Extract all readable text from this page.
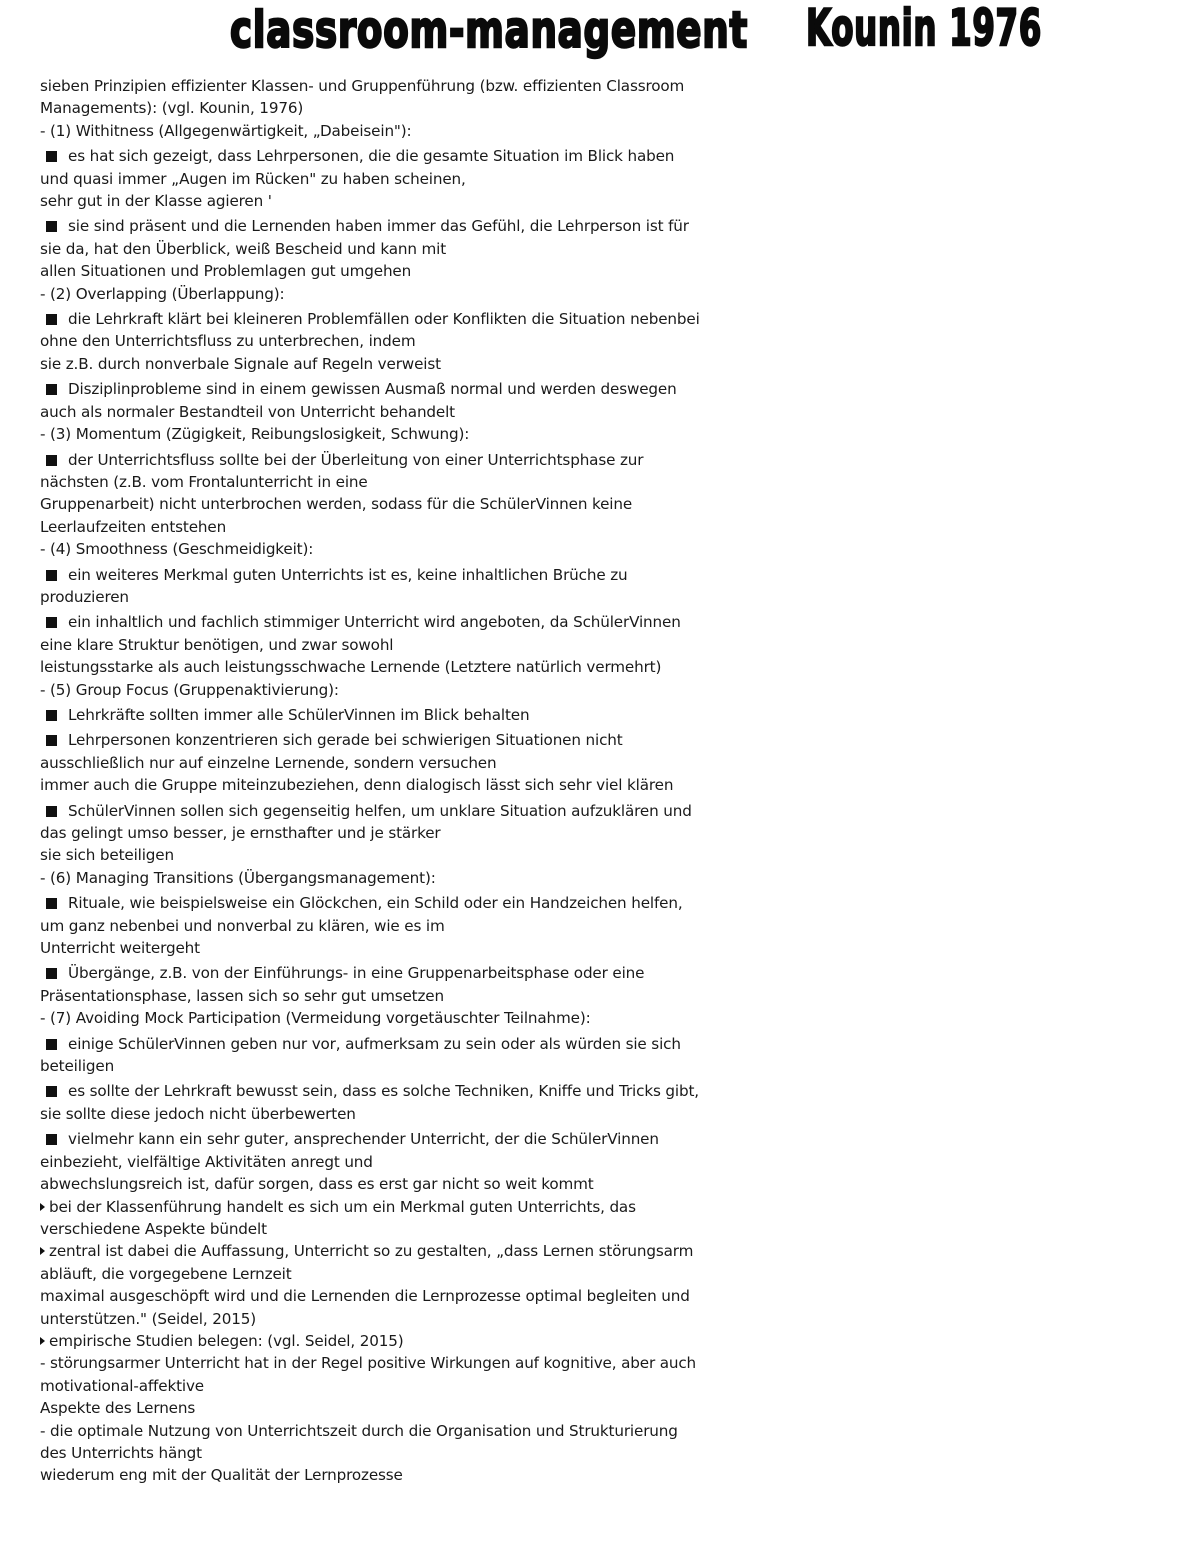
classroom-management Kounin 1976

sieben Prinzipien effizienter Klassen- und Gruppenführung (bzw. effizienten Classroom

Managements): (vgl. Kounin, 1976)

- (1) Withitness (Allgegenwärtigkeit, „Dabeisein"):

es hat sich gezeigt, dass Lehrpersonen, die die gesamte Situation im Blick haben

und quasi immer „Augen im Rücken" zu haben scheinen,

sehr gut in der Klasse agieren '

sie sind präsent und die Lernenden haben immer das Gefühl, die Lehrperson ist für

sie da, hat den Überblick, weiß Bescheid und kann mit

allen Situationen und Problemlagen gut umgehen

- (2) Overlapping (Überlappung):

die Lehrkraft klärt bei kleineren Problemfällen oder Konflikten die Situation nebenbei

ohne den Unterrichtsfluss zu unterbrechen, indem

sie z.B. durch nonverbale Signale auf Regeln verweist

Disziplinprobleme sind in einem gewissen Ausmaß normal und werden deswegen

auch als normaler Bestandteil von Unterricht behandelt

- (3) Momentum (Zügigkeit, Reibungslosigkeit, Schwung):

der Unterrichtsfluss sollte bei der Überleitung von einer Unterrichtsphase zur

nächsten (z.B. vom Frontalunterricht in eine

Gruppenarbeit) nicht unterbrochen werden, sodass für die SchülerVinnen keine

Leerlaufzeiten entstehen

- (4) Smoothness (Geschmeidigkeit):

ein weiteres Merkmal guten Unterrichts ist es, keine inhaltlichen Brüche zu

produzieren

ein inhaltlich und fachlich stimmiger Unterricht wird angeboten, da SchülerVinnen

eine klare Struktur benötigen, und zwar sowohl

leistungsstarke als auch leistungsschwache Lernende (Letztere natürlich vermehrt)

- (5) Group Focus (Gruppenaktivierung):

Lehrkräfte sollten immer alle SchülerVinnen im Blick behalten

Lehrpersonen konzentrieren sich gerade bei schwierigen Situationen nicht

ausschließlich nur auf einzelne Lernende, sondern versuchen

immer auch die Gruppe miteinzubeziehen, denn dialogisch lässt sich sehr viel klären

SchülerVinnen sollen sich gegenseitig helfen, um unklare Situation aufzuklären und

das gelingt umso besser, je ernsthafter und je stärker

sie sich beteiligen

- (6) Managing Transitions (Übergangsmanagement):

Rituale, wie beispielsweise ein Glöckchen, ein Schild oder ein Handzeichen helfen,

um ganz nebenbei und nonverbal zu klären, wie es im

Unterricht weitergeht

Übergänge, z.B. von der Einführungs- in eine Gruppenarbeitsphase oder eine

Präsentationsphase, lassen sich so sehr gut umsetzen

- (7) Avoiding Mock Participation (Vermeidung vorgetäuschter Teilnahme):

einige SchülerVinnen geben nur vor, aufmerksam zu sein oder als würden sie sich

beteiligen

es sollte der Lehrkraft bewusst sein, dass es solche Techniken, Kniffe und Tricks gibt,

sie sollte diese jedoch nicht überbewerten

vielmehr kann ein sehr guter, ansprechender Unterricht, der die SchülerVinnen

einbezieht, vielfältige Aktivitäten anregt und

abwechslungsreich ist, dafür sorgen, dass es erst gar nicht so weit kommt

bei der Klassenführung handelt es sich um ein Merkmal guten Unterrichts, das

verschiedene Aspekte bündelt

zentral ist dabei die Auffassung, Unterricht so zu gestalten, „dass Lernen störungsarm

abläuft, die vorgegebene Lernzeit

maximal ausgeschöpft wird und die Lernenden die Lernprozesse optimal begleiten und

unterstützen." (Seidel, 2015)

empirische Studien belegen: (vgl. Seidel, 2015)

- störungsarmer Unterricht hat in der Regel positive Wirkungen auf kognitive, aber auch

motivational-affektive

Aspekte des Lernens

- die optimale Nutzung von Unterrichtszeit durch die Organisation und Strukturierung

des Unterrichts hängt

wiederum eng mit der Qualität der Lernprozesse
